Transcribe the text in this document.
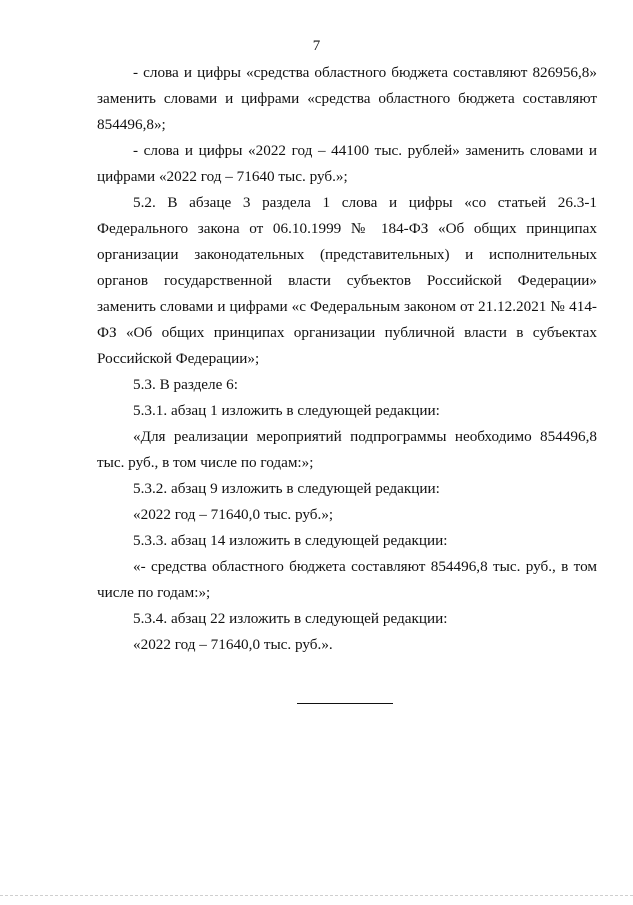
7

- слова и цифры «средства областного бюджета составляют 826956,8» заменить словами и цифрами «средства областного бюджета составляют 854496,8»;

- слова и цифры «2022 год – 44100 тыс. рублей» заменить словами и цифрами «2022 год – 71640 тыс. руб.»;

5.2. В абзаце 3 раздела 1 слова и цифры «со статьей 26.3-1 Федерального закона от 06.10.1999 № 184-ФЗ «Об общих принципах организации законодательных (представительных) и исполнительных органов государственной власти субъектов Российской Федерации» заменить словами и цифрами «с Федеральным законом от 21.12.2021 № 414-ФЗ «Об общих принципах организации публичной власти в субъектах Российской Федерации»;

5.3. В разделе 6:

5.3.1. абзац 1 изложить в следующей редакции:

«Для реализации мероприятий подпрограммы необходимо 854496,8 тыс. руб., в том числе по годам:»;

5.3.2. абзац 9 изложить в следующей редакции:

«2022 год – 71640,0 тыс. руб.»;

5.3.3. абзац 14 изложить в следующей редакции:

«- средства областного бюджета составляют 854496,8 тыс. руб., в том числе по годам:»;

5.3.4. абзац 22 изложить в следующей редакции:

«2022 год – 71640,0 тыс. руб.».
